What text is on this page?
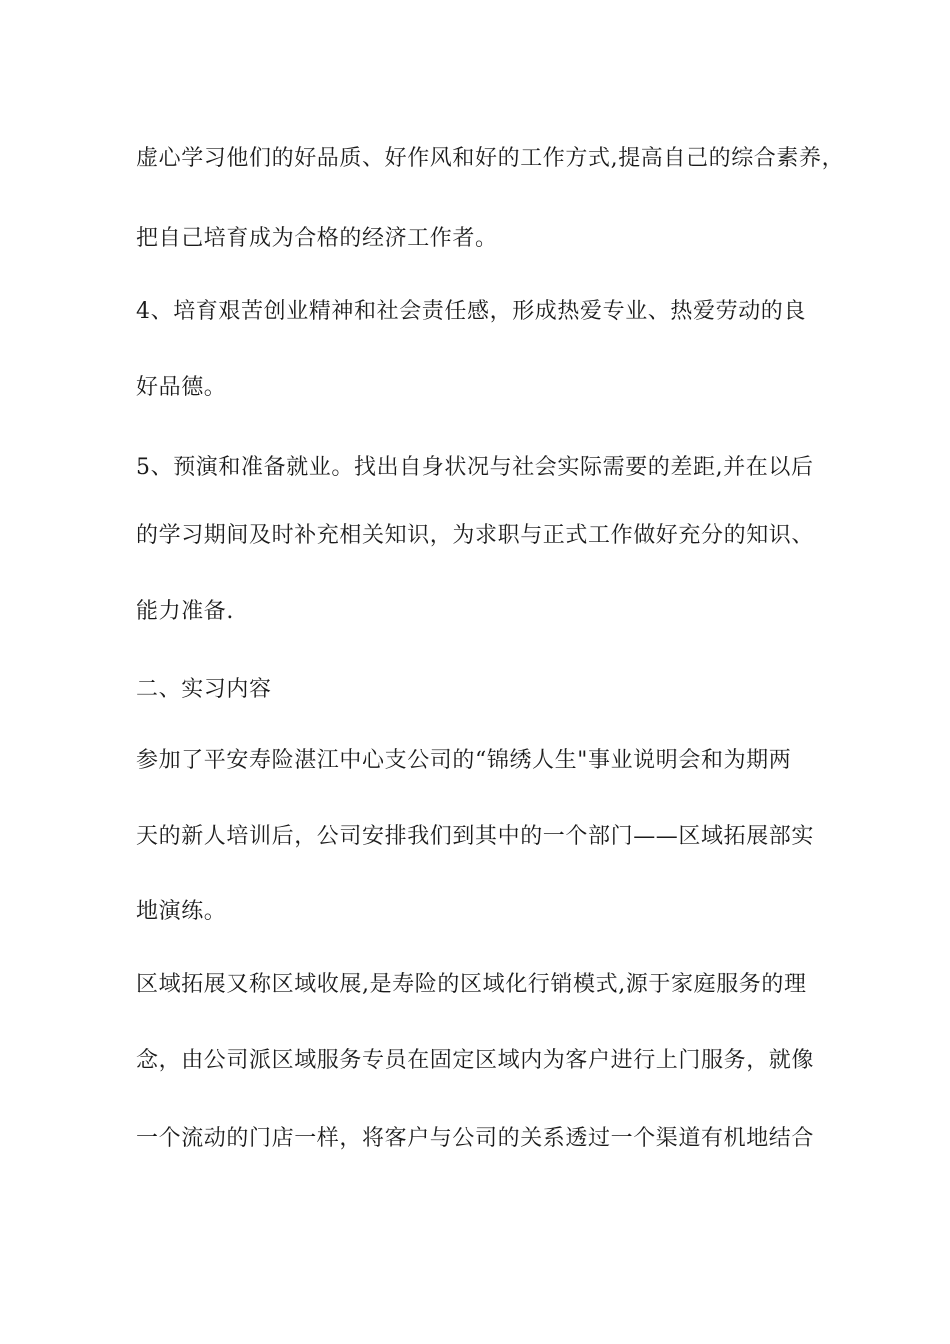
虚心学习他们的好品质、好作风和好的工作方式,提高自己的综合素养，
把自己培育成为合格的经济工作者。
4、培育艰苦创业精神和社会责任感，形成热爱专业、热爱劳动的良
好品德。
5、预演和准备就业。找出自身状况与社会实际需要的差距,并在以后
的学习期间及时补充相关知识，为求职与正式工作做好充分的知识、
能力准备.
二、实习内容
参加了平安寿险湛江中心支公司的“锦绣人生"事业说明会和为期两
天的新人培训后，公司安排我们到其中的一个部门——区域拓展部实
地演练。
区域拓展又称区域收展,是寿险的区域化行销模式,源于家庭服务的理
念，由公司派区域服务专员在固定区域内为客户进行上门服务，就像
一个流动的门店一样，将客户与公司的关系透过一个渠道有机地结合
